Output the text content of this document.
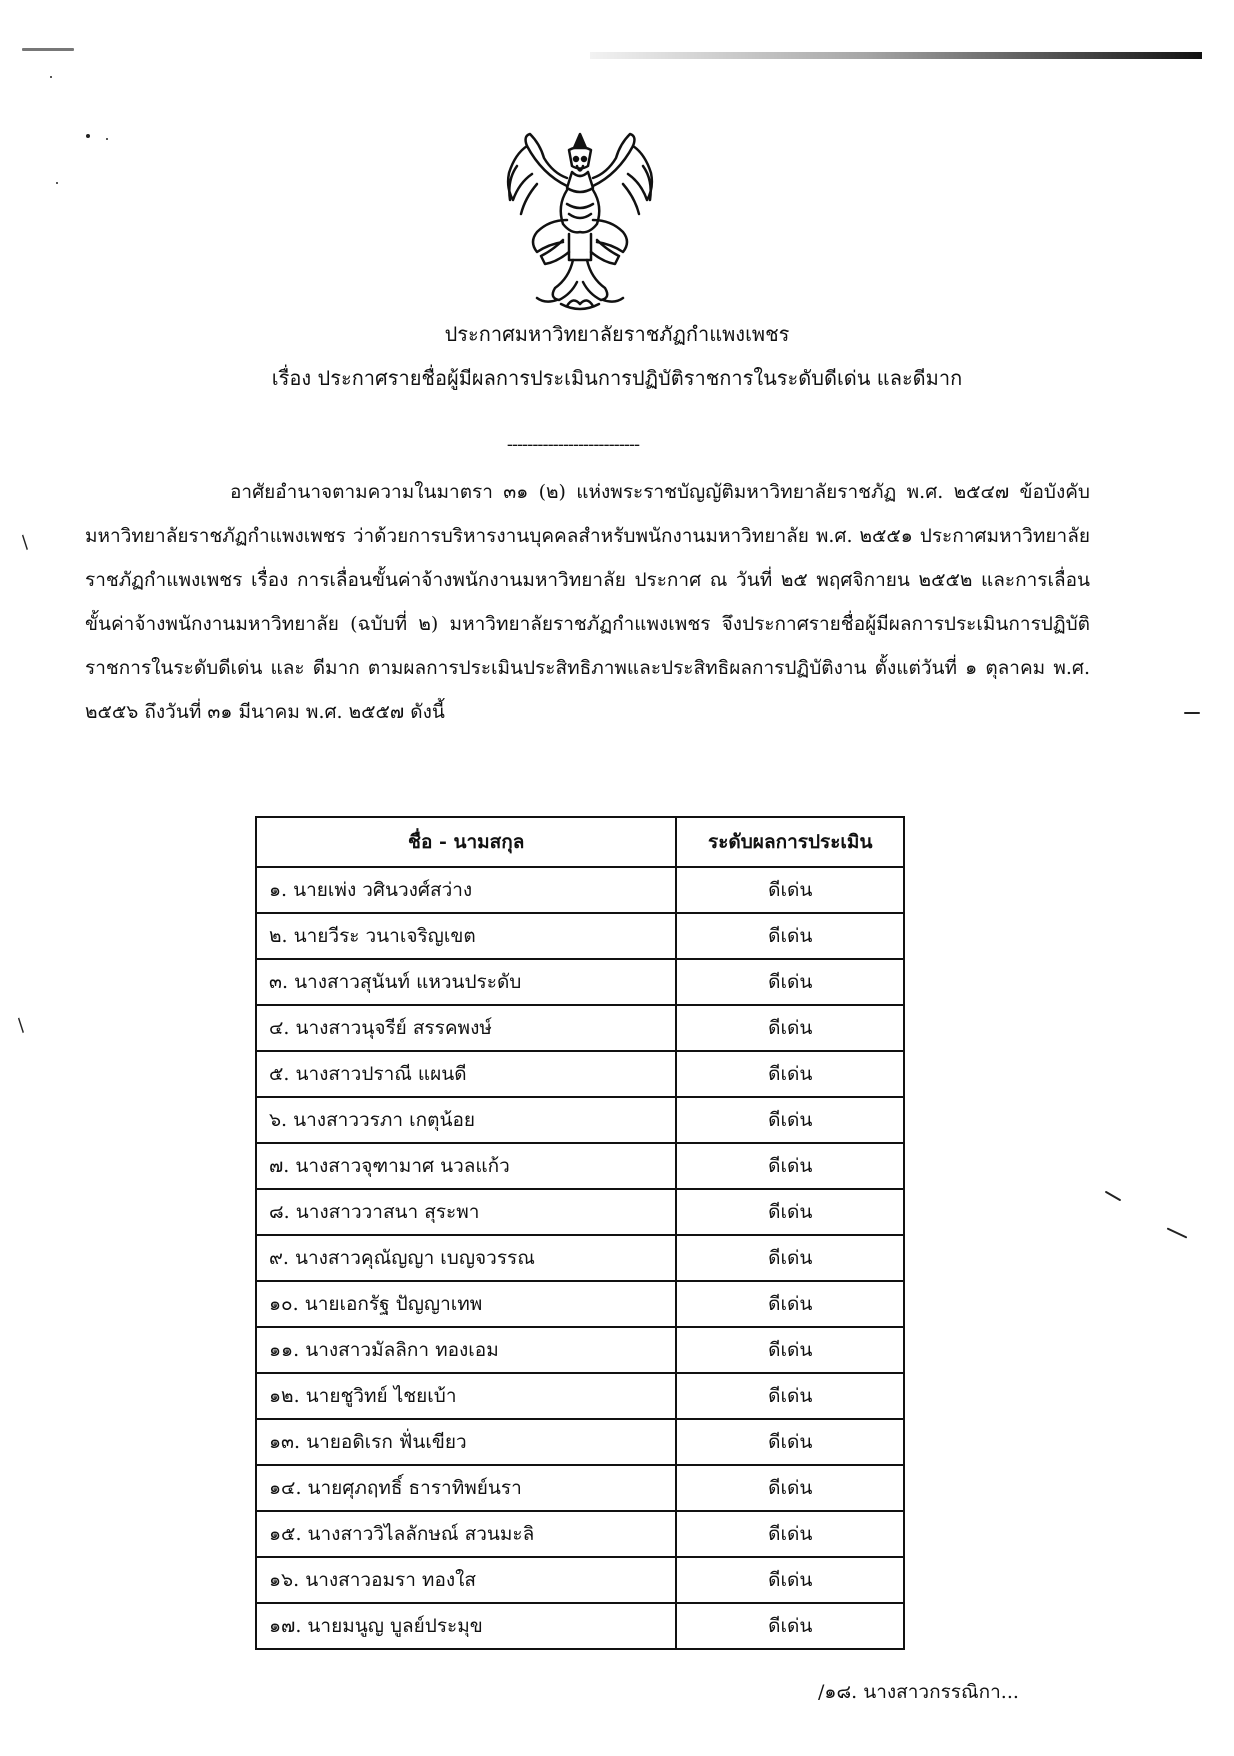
/
/
ประกาศมหาวิทยาลัยราชภัฏกำแพงเพชร
เรื่อง ประกาศรายชื่อผู้มีผลการประเมินการปฏิบัติราชการในระดับดีเด่น และดีมาก
--------------------------
อาศัยอำนาจตามความในมาตรา ๓๑ (๒) แห่งพระราชบัญญัติมหาวิทยาลัยราชภัฏ พ.ศ. ๒๕๔๗ ข้อบังคับมหาวิทยาลัยราชภัฏกำแพงเพชร ว่าด้วยการบริหารงานบุคคลสำหรับพนักงานมหาวิทยาลัย พ.ศ. ๒๕๕๑ ประกาศมหาวิทยาลัยราชภัฏกำแพงเพชร เรื่อง การเลื่อนขั้นค่าจ้างพนักงานมหาวิทยาลัย ประกาศ ณ วันที่ ๒๕ พฤศจิกายน ๒๕๕๒ และการเลื่อนขั้นค่าจ้างพนักงานมหาวิทยาลัย (ฉบับที่ ๒) มหาวิทยาลัยราชภัฏกำแพงเพชร จึงประกาศรายชื่อผู้มีผลการประเมินการปฏิบัติราชการในระดับดีเด่น และ ดีมาก ตามผลการประเมินประสิทธิภาพและประสิทธิผลการปฏิบัติงาน ตั้งแต่วันที่ ๑ ตุลาคม พ.ศ. ๒๕๕๖ ถึงวันที่ ๓๑ มีนาคม พ.ศ. ๒๕๕๗ ดังนี้
ชื่อ - นามสกุล	ระดับผลการประเมิน
๑. นายเพ่ง วศินวงศ์สว่าง	ดีเด่น
๒. นายวีระ วนาเจริญเขต	ดีเด่น
๓. นางสาวสุนันท์ แหวนประดับ	ดีเด่น
๔. นางสาวนุจรีย์ สรรคพงษ์	ดีเด่น
๕. นางสาวปราณี แผนดี	ดีเด่น
๖. นางสาววรภา เกตุน้อย	ดีเด่น
๗. นางสาวจุฑามาศ นวลแก้ว	ดีเด่น
๘. นางสาววาสนา สุระพา	ดีเด่น
๙. นางสาวคุณัญญา เบญจวรรณ	ดีเด่น
๑๐. นายเอกรัฐ ปัญญาเทพ	ดีเด่น
๑๑. นางสาวมัลลิกา ทองเอม	ดีเด่น
๑๒. นายชูวิทย์ ไชยเบ้า	ดีเด่น
๑๓. นายอดิเรก ฟั่นเขียว	ดีเด่น
๑๔. นายศุภฤทธิ์ ธาราทิพย์นรา	ดีเด่น
๑๕. นางสาววิไลลักษณ์ สวนมะลิ	ดีเด่น
๑๖. นางสาวอมรา ทองใส	ดีเด่น
๑๗. นายมนูญ บูลย์ประมุข	ดีเด่น
/๑๘. นางสาวกรรณิกา...
